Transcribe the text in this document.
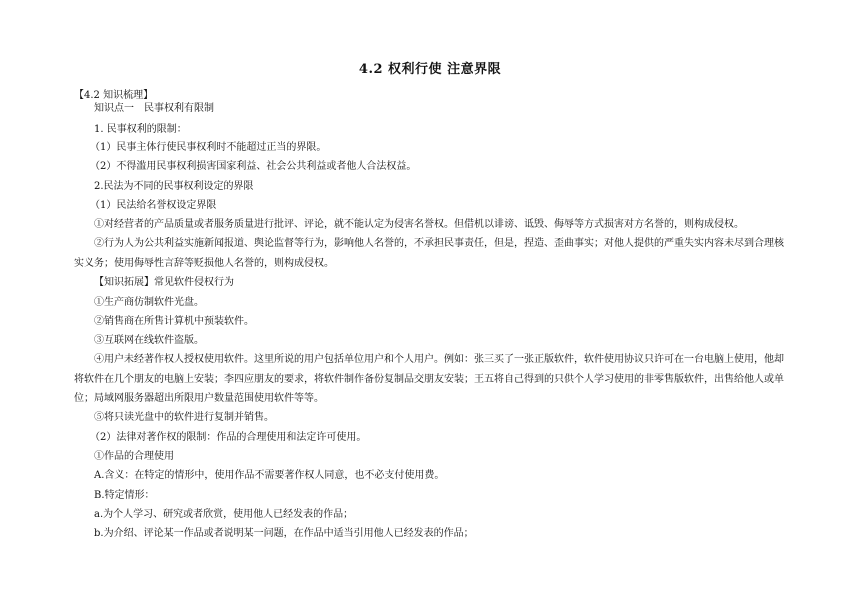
4.2 权利行使 注意界限
【4.2 知识梳理】
知识点一　民事权利有限制
1. 民事权利的限制：
（1）民事主体行使民事权利时不能超过正当的界限。
（2）不得滥用民事权利损害国家利益、社会公共利益或者他人合法权益。
2.民法为不同的民事权利设定的界限
（1）民法给名誉权设定界限
①对经营者的产品质量或者服务质量进行批评、评论，就不能认定为侵害名誉权。但借机以诽谤、诋毁、侮辱等方式损害对方名誉的，则构成侵权。
②行为人为公共利益实施新闻报道、舆论监督等行为，影响他人名誉的，不承担民事责任，但是，捏造、歪曲事实；对他人提供的严重失实内容未尽到合理核
实义务；使用侮辱性言辞等贬损他人名誉的，则构成侵权。
【知识拓展】常见软件侵权行为
①生产商仿制软件光盘。
②销售商在所售计算机中预装软件。
③互联网在线软件盗版。
④用户未经著作权人授权使用软件。这里所说的用户包括单位用户和个人用户。例如：张三买了一张正版软件，软件使用协议只许可在一台电脑上使用，他却
将软件在几个朋友的电脑上安装；李四应朋友的要求，将软件制作备份复制品交朋友安装；王五将自己得到的只供个人学习使用的非零售版软件，出售给他人或单
位；局域网服务器超出所限用户数量范围使用软件等等。
⑤将只读光盘中的软件进行复制并销售。
（2）法律对著作权的限制：作品的合理使用和法定许可使用。
①作品的合理使用
A.含义：在特定的情形中，使用作品不需要著作权人同意，也不必支付使用费。
B.特定情形：
a.为个人学习、研究或者欣赏，使用他人已经发表的作品；
b.为介绍、评论某一作品或者说明某一问题，在作品中适当引用他人已经发表的作品；
